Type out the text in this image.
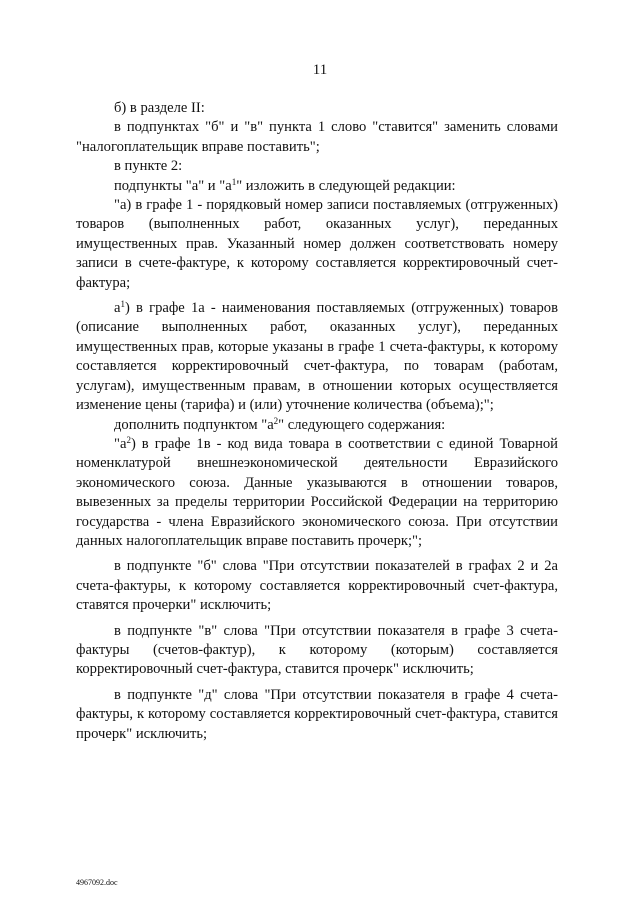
11

б) в разделе II:

в подпунктах "б" и "в" пункта 1 слово "ставится" заменить словами "налогоплательщик вправе поставить";

в пункте 2:

подпункты "а" и "$а^1$" изложить в следующей редакции:

"а) в графе 1 - порядковый номер записи поставляемых (отгруженных) товаров (выполненных работ, оказанных услуг), переданных имущественных прав. Указанный номер должен соответствовать номеру записи в счете-фактуре, к которому составляется корректировочный счет-фактура;

$а^1$) в графе 1а - наименования поставляемых (отгруженных) товаров (описание выполненных работ, оказанных услуг), переданных имущественных прав, которые указаны в графе 1 счета-фактуры, к которому составляется корректировочный счет-фактура, по товарам (работам, услугам), имущественным правам, в отношении которых осуществляется изменение цены (тарифа) и (или) уточнение количества (объема);";

дополнить подпунктом "$а^2$" следующего содержания:

"$а^2$) в графе 1в - код вида товара в соответствии с единой Товарной номенклатурой внешнеэкономической деятельности Евразийского экономического союза. Данные указываются в отношении товаров, вывезенных за пределы территории Российской Федерации на территорию государства - члена Евразийского экономического союза. При отсутствии данных налогоплательщик вправе поставить прочерк;";

в подпункте "б" слова "При отсутствии показателей в графах 2 и 2а счета-фактуры, к которому составляется корректировочный счет-фактура, ставятся прочерки" исключить;

в подпункте "в" слова "При отсутствии показателя в графе 3 счета-фактуры (счетов-фактур), к которому (которым) составляется корректировочный счет-фактура, ставится прочерк" исключить;

в подпункте "д" слова "При отсутствии показателя в графе 4 счета-фактуры, к которому составляется корректировочный счет-фактура, ставится прочерк" исключить;

4967092.doc
